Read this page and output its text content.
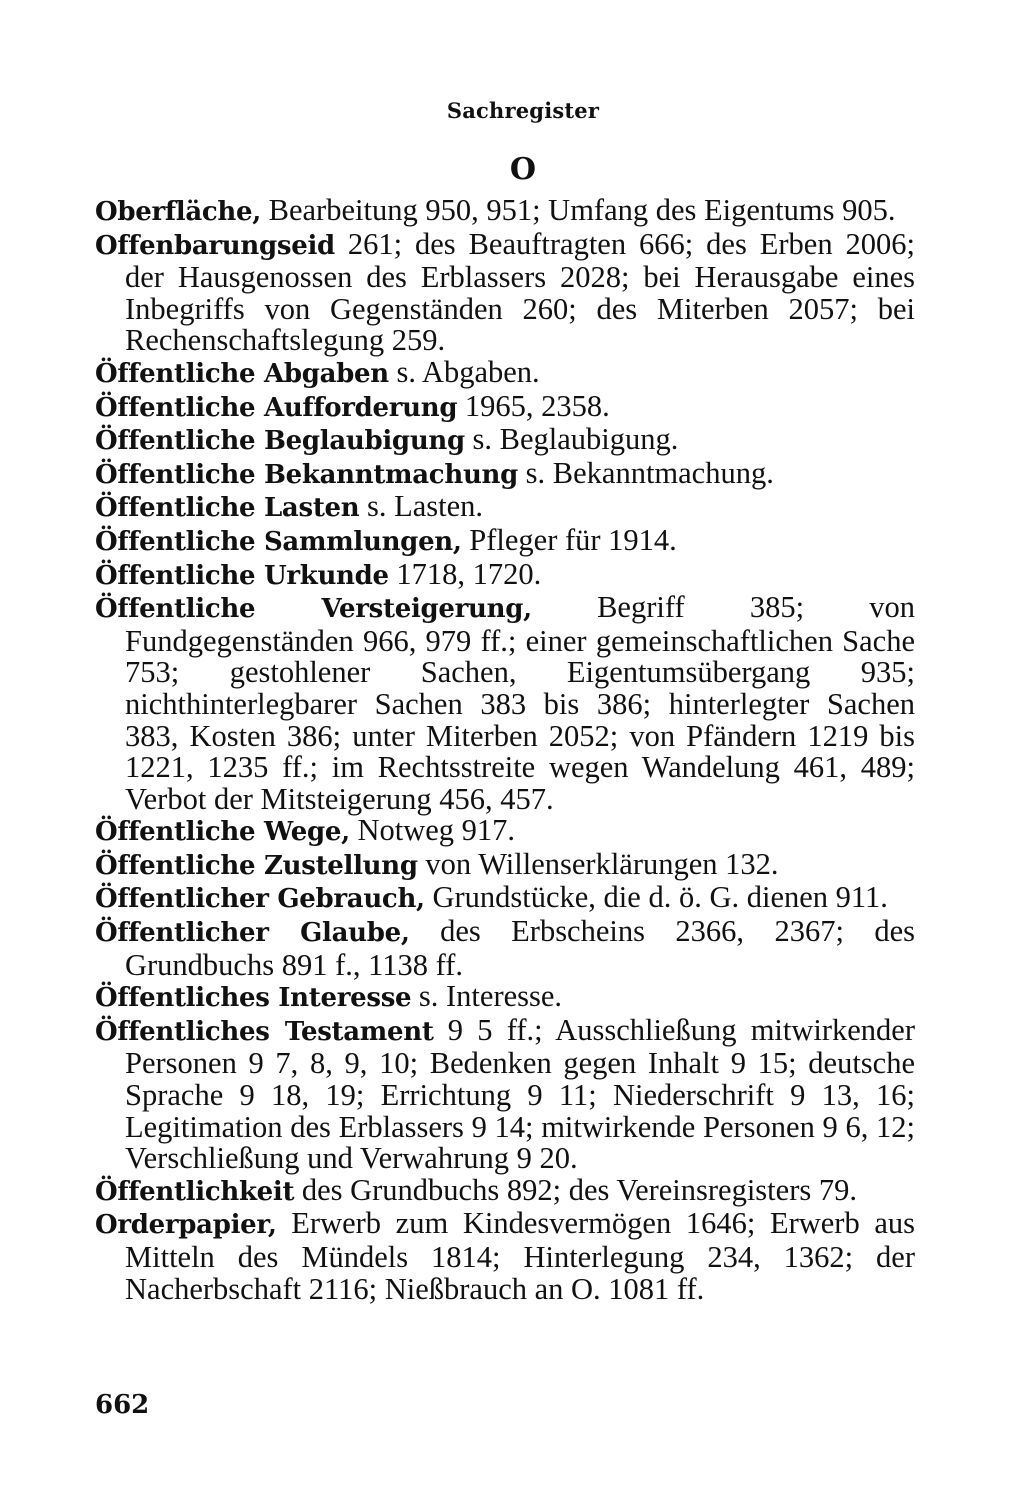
Sachregister
O

Oberfläche, Bearbeitung 950, 951; Umfang des Eigentums 905.

Offenbarungseid 261; des Beauftragten 666; des Erben 2006; der Hausgenossen des Erblassers 2028; bei Herausgabe eines Inbegriffs von Gegenständen 260; des Miterben 2057; bei Rechenschaftslegung 259.

Öffentliche Abgaben s. Abgaben.

Öffentliche Aufforderung 1965, 2358.

Öffentliche Beglaubigung s. Beglaubigung.

Öffentliche Bekanntmachung s. Bekanntmachung.

Öffentliche Lasten s. Lasten.

Öffentliche Sammlungen, Pfleger für 1914.

Öffentliche Urkunde 1718, 1720.

Öffentliche Versteigerung, Begriff 385; von Fundgegenständen 966, 979 ff.; einer gemeinschaftlichen Sache 753; gestohlener Sachen, Eigentumsübergang 935; nichthinterlegbarer Sachen 383 bis 386; hinterlegter Sachen 383, Kosten 386; unter Miterben 2052; von Pfändern 1219 bis 1221, 1235 ff.; im Rechtsstreite wegen Wandelung 461, 489; Verbot der Mitsteigerung 456, 457.

Öffentliche Wege, Notweg 917.

Öffentliche Zustellung von Willenserklärungen 132.

Öffentlicher Gebrauch, Grundstücke, die d. ö. G. dienen 911.

Öffentlicher Glaube, des Erbscheins 2366, 2367; des Grundbuchs 891 f., 1138 ff.

Öffentliches Interesse s. Interesse.

Öffentliches Testament 9 5 ff.; Ausschließung mitwirkender Personen 9 7, 8, 9, 10; Bedenken gegen Inhalt 9 15; deutsche Sprache 9 18, 19; Errichtung 9 11; Niederschrift 9 13, 16; Legitimation des Erblassers 9 14; mitwirkende Personen 9 6, 12; Verschließung und Verwahrung 9 20.

Öffentlichkeit des Grundbuchs 892; des Vereinsregisters 79.

Orderpapier, Erwerb zum Kindesvermögen 1646; Erwerb aus Mitteln des Mündels 1814; Hinterlegung 234, 1362; der Nacherbschaft 2116; Nießbrauch an O. 1081 ff.

662
